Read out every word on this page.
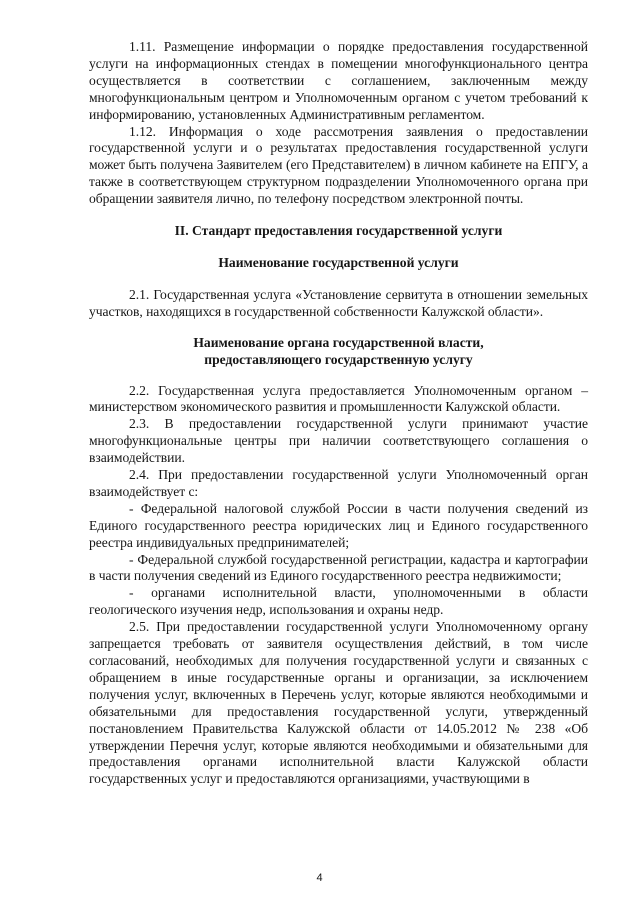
1.11. Размещение информации о порядке предоставления государственной услуги на информационных стендах в помещении многофункционального центра осуществляется в соответствии с соглашением, заключенным между многофункциональным центром и Уполномоченным органом с учетом требований к информированию, установленных Административным регламентом.

1.12. Информация о ходе рассмотрения заявления о предоставлении государственной услуги и о результатах предоставления государственной услуги может быть получена Заявителем (его Представителем) в личном кабинете на ЕПГУ, а также в соответствующем структурном подразделении Уполномоченного органа при обращении заявителя лично, по телефону посредством электронной почты.

II. Стандарт предоставления государственной услуги

Наименование государственной услуги

2.1. Государственная услуга «Установление сервитута в отношении земельных участков, находящихся в государственной собственности Калужской области».

Наименование органа государственной власти,

предоставляющего государственную услугу

2.2. Государственная услуга предоставляется Уполномоченным органом – министерством экономического развития и промышленности Калужской области.

2.3. В предоставлении государственной услуги принимают участие многофункциональные центры при наличии соответствующего соглашения о взаимодействии.

2.4. При предоставлении государственной услуги Уполномоченный орган взаимодействует с:

- Федеральной налоговой службой России в части получения сведений из Единого государственного реестра юридических лиц и Единого государственного реестра индивидуальных предпринимателей;

- Федеральной службой государственной регистрации, кадастра и картографии в части получения сведений из Единого государственного реестра недвижимости;

- органами исполнительной власти, уполномоченными в области геологического изучения недр, использования и охраны недр.

2.5. При предоставлении государственной услуги Уполномоченному органу запрещается требовать от заявителя осуществления действий, в том числе согласований, необходимых для получения государственной услуги и связанных с обращением в иные государственные органы и организации, за исключением получения услуг, включенных в Перечень услуг, которые являются необходимыми и обязательными для предоставления государственной услуги, утвержденный постановлением Правительства Калужской области от 14.05.2012 № 238 «Об утверждении Перечня услуг, которые являются необходимыми и обязательными для предоставления органами исполнительной власти Калужской области государственных услуг и предоставляются организациями, участвующими в

4
